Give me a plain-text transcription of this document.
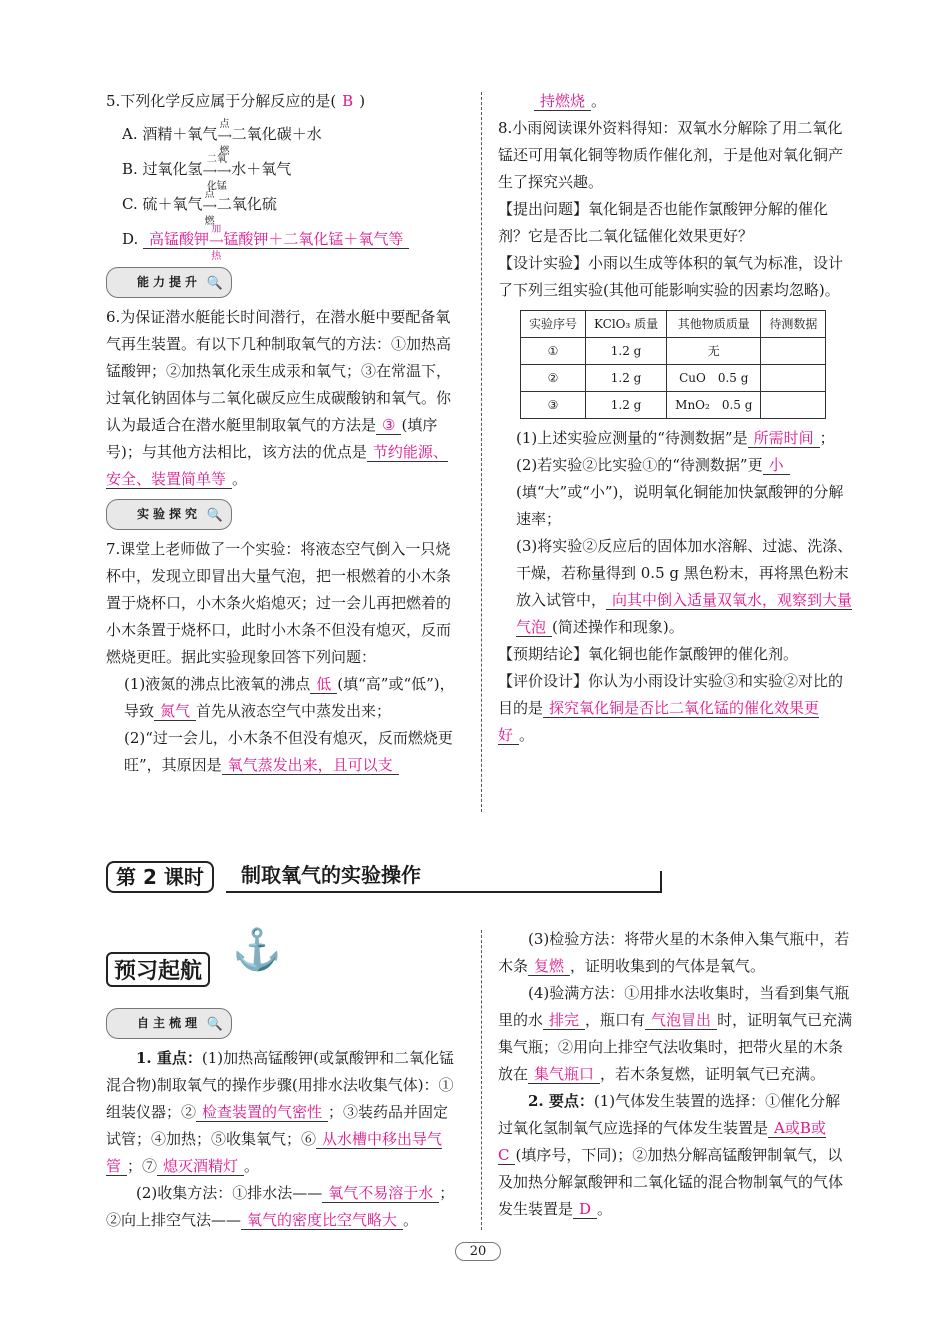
5.下列化学反应属于分解反应的是( B )
A. 酒精＋氧气
点燃
⟶二氧化碳＋水
B. 过氧化氢
二氧化锰
⟶⟶水＋氧气
C. 硫＋氧气
点燃
⟶二氧化硫
D. 高锰酸钾
加热
⟶锰酸钾＋二氧化锰＋氧气等
能力提升 🔍
6.为保证潜水艇能长时间潜行，在潜水艇中要配备氧气再生装置。有以下几种制取氧气的方法：①加热高锰酸钾；②加热氧化汞生成汞和氧气；③在常温下，过氧化钠固体与二氧化碳反应生成碳酸钠和氧气。你认为最适合在潜水艇里制取氧气的方法是 ③ (填序号)；与其他方法相比，该方法的优点是 节约能源、安全、装置简单等 。
实验探究 🔍
7.课堂上老师做了一个实验：将液态空气倒入一只烧杯中，发现立即冒出大量气泡，把一根燃着的小木条置于烧杯口，小木条火焰熄灭；过一会儿再把燃着的小木条置于烧杯口，此时小木条不但没有熄灭，反而燃烧更旺。据此实验现象回答下列问题：
(1)液氮的沸点比液氧的沸点 低 (填“高”或“低”)，导致 氮气 首先从液态空气中蒸发出来；
(2)“过一会儿，小木条不但没有熄灭，反而燃烧更旺”，其原因是 氧气蒸发出来，且可以支
持燃烧 。
8.小雨阅读课外资料得知：双氧水分解除了用二氧化锰还可用氧化铜等物质作催化剂，于是他对氧化铜产生了探究兴趣。
【提出问题】氧化铜是否也能作氯酸钾分解的催化剂？它是否比二氧化锰催化效果更好？
【设计实验】小雨以生成等体积的氧气为标准，设计了下列三组实验(其他可能影响实验的因素均忽略)。
实验序号	KClO₃ 质量	其他物质质量	待测数据
①	1.2 g	无	
②	1.2 g	CuO　0.5 g	
③	1.2 g	MnO₂　0.5 g	
(1)上述实验应测量的“待测数据”是 所需时间 ；
(2)若实验②比实验①的“待测数据”更 小(填“大”或“小”)，说明氧化铜能加快氯酸钾的分解速率；
(3)将实验②反应后的固体加水溶解、过滤、洗涤、干燥，若称量得到 0.5 g 黑色粉末，再将黑色粉末放入试管中， 向其中倒入适量双氧水，观察到大量气泡 (简述操作和现象)。
【预期结论】氧化铜也能作氯酸钾的催化剂。
【评价设计】你认为小雨设计实验③和实验②对比的目的是 探究氧化铜是否比二氧化锰的催化效果更好 。
第 2 课时	制取氧气的实验操作
预习起航 ⚓
自主梳理 🔍
1. 重点：(1)加热高锰酸钾(或氯酸钾和二氧化锰混合物)制取氧气的操作步骤(用排水法收集气体)：①组装仪器；② 检查装置的气密性 ；③装药品并固定试管；④加热；⑤收集氧气；⑥ 从水槽中移出导气管 ；⑦ 熄灭酒精灯 。
(2)收集方法：①排水法—— 氧气不易溶于水 ；②向上排空气法—— 氧气的密度比空气略大 。
(3)检验方法：将带火星的木条伸入集气瓶中，若木条 复燃 ，证明收集到的气体是氧气。
(4)验满方法：①用排水法收集时，当看到集气瓶里的水 排完 ，瓶口有 气泡冒出 时，证明氧气已充满集气瓶；②用向上排空气法收集时，把带火星的木条放在 集气瓶口 ，若木条复燃，证明氧气已充满。
2. 要点：(1)气体发生装置的选择：①催化分解过氧化氢制氧气应选择的气体发生装置是 A或B或C (填序号，下同)；②加热分解高锰酸钾制氧气，以及加热分解氯酸钾和二氧化锰的混合物制氧气的气体发生装置是 D 。
20
